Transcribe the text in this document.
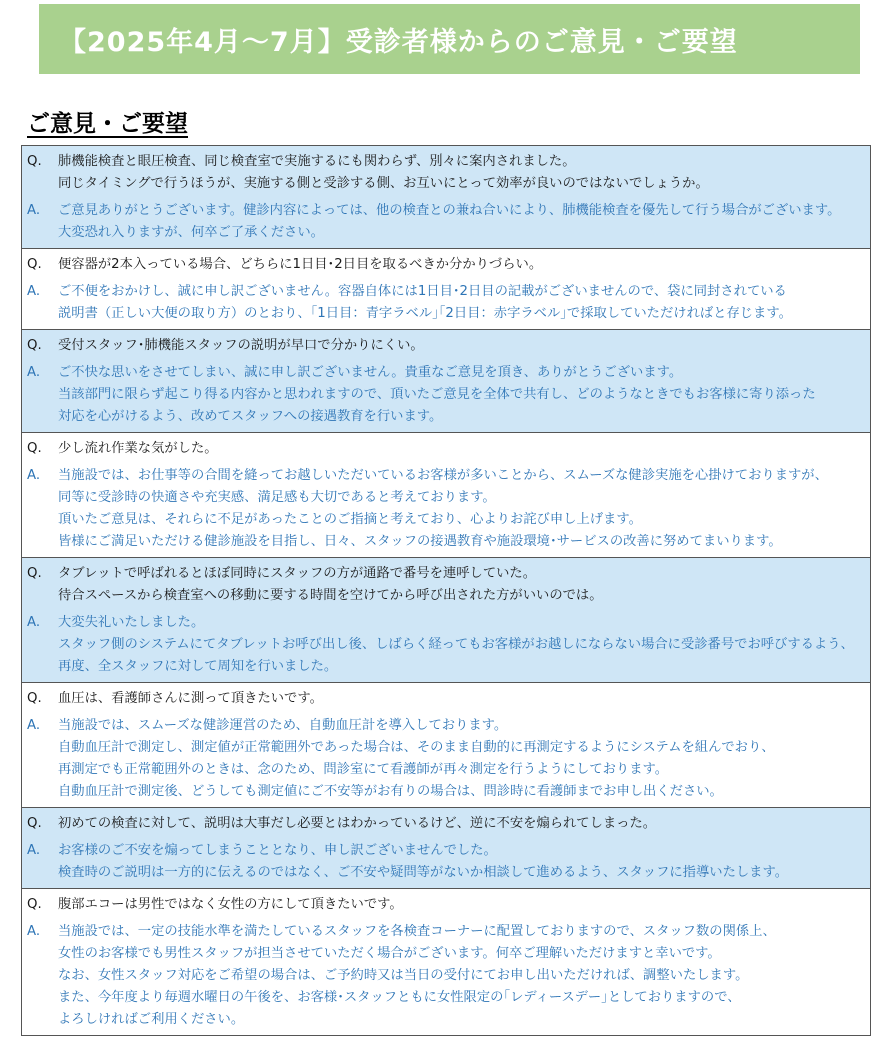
【2025年4月～7月】受診者様からのご意見・ご要望
ご意見・ご要望
Q.	肺機能検査と眼圧検査、同じ検査室で実施するにも関わらず、別々に案内されました。
同じタイミングで行うほうが、実施する側と受診する側、お互いにとって効率が良いのではないでしょうか。
A.	ご意見ありがとうございます。健診内容によっては、他の検査との兼ね合いにより、肺機能検査を優先して行う場合がございます。
大変恐れ入りますが、何卒ご了承ください。
Q.	便容器が2本入っている場合、どちらに1日目･2日目を取るべきか分かりづらい。
A.	ご不便をおかけし、誠に申し訳ございません。容器自体には1日目･2日目の記載がございませんので、袋に同封されている
説明書（正しい大便の取り方）のとおり、｢1日目：青字ラベル｣｢2日目：赤字ラベル｣で採取していただければと存じます。
Q.	受付スタッフ･肺機能スタッフの説明が早口で分かりにくい。
A.	ご不快な思いをさせてしまい、誠に申し訳ございません。貴重なご意見を頂き、ありがとうございます。
当該部門に限らず起こり得る内容かと思われますので、頂いたご意見を全体で共有し、どのようなときでもお客様に寄り添った
対応を心がけるよう、改めてスタッフへの接遇教育を行います。
Q.	少し流れ作業な気がした。
A.	当施設では、お仕事等の合間を縫ってお越しいただいているお客様が多いことから、スムーズな健診実施を心掛けておりますが、
同等に受診時の快適さや充実感、満足感も大切であると考えております。
頂いたご意見は、それらに不足があったことのご指摘と考えており、心よりお詫び申し上げます。
皆様にご満足いただける健診施設を目指し、日々、スタッフの接遇教育や施設環境･サービスの改善に努めてまいります。
Q.	タブレットで呼ばれるとほぼ同時にスタッフの方が通路で番号を連呼していた。
待合スペースから検査室への移動に要する時間を空けてから呼び出された方がいいのでは。
A.	大変失礼いたしました。
スタッフ側のシステムにてタブレットお呼び出し後、しばらく経ってもお客様がお越しにならない場合に受診番号でお呼びするよう、
再度、全スタッフに対して周知を行いました。
Q.	血圧は、看護師さんに測って頂きたいです。
A.	当施設では、スムーズな健診運営のため、自動血圧計を導入しております。
自動血圧計で測定し、測定値が正常範囲外であった場合は、そのまま自動的に再測定するようにシステムを組んでおり、
再測定でも正常範囲外のときは、念のため、問診室にて看護師が再々測定を行うようにしております。
自動血圧計で測定後、どうしても測定値にご不安等がお有りの場合は、問診時に看護師までお申し出ください。
Q.	初めての検査に対して、説明は大事だし必要とはわかっているけど、逆に不安を煽られてしまった。
A.	お客様のご不安を煽ってしまうこととなり、申し訳ございませんでした。
検査時のご説明は一方的に伝えるのではなく、ご不安や疑問等がないか相談して進めるよう、スタッフに指導いたします。
Q.	腹部エコーは男性ではなく女性の方にして頂きたいです。
A.	当施設では、一定の技能水準を満たしているスタッフを各検査コーナーに配置しておりますので、スタッフ数の関係上、
女性のお客様でも男性スタッフが担当させていただく場合がございます。何卒ご理解いただけますと幸いです。
なお、女性スタッフ対応をご希望の場合は、ご予約時又は当日の受付にてお申し出いただければ、調整いたします。
また、今年度より毎週水曜日の午後を、お客様･スタッフともに女性限定の｢レディースデー｣としておりますので、
よろしければご利用ください。
